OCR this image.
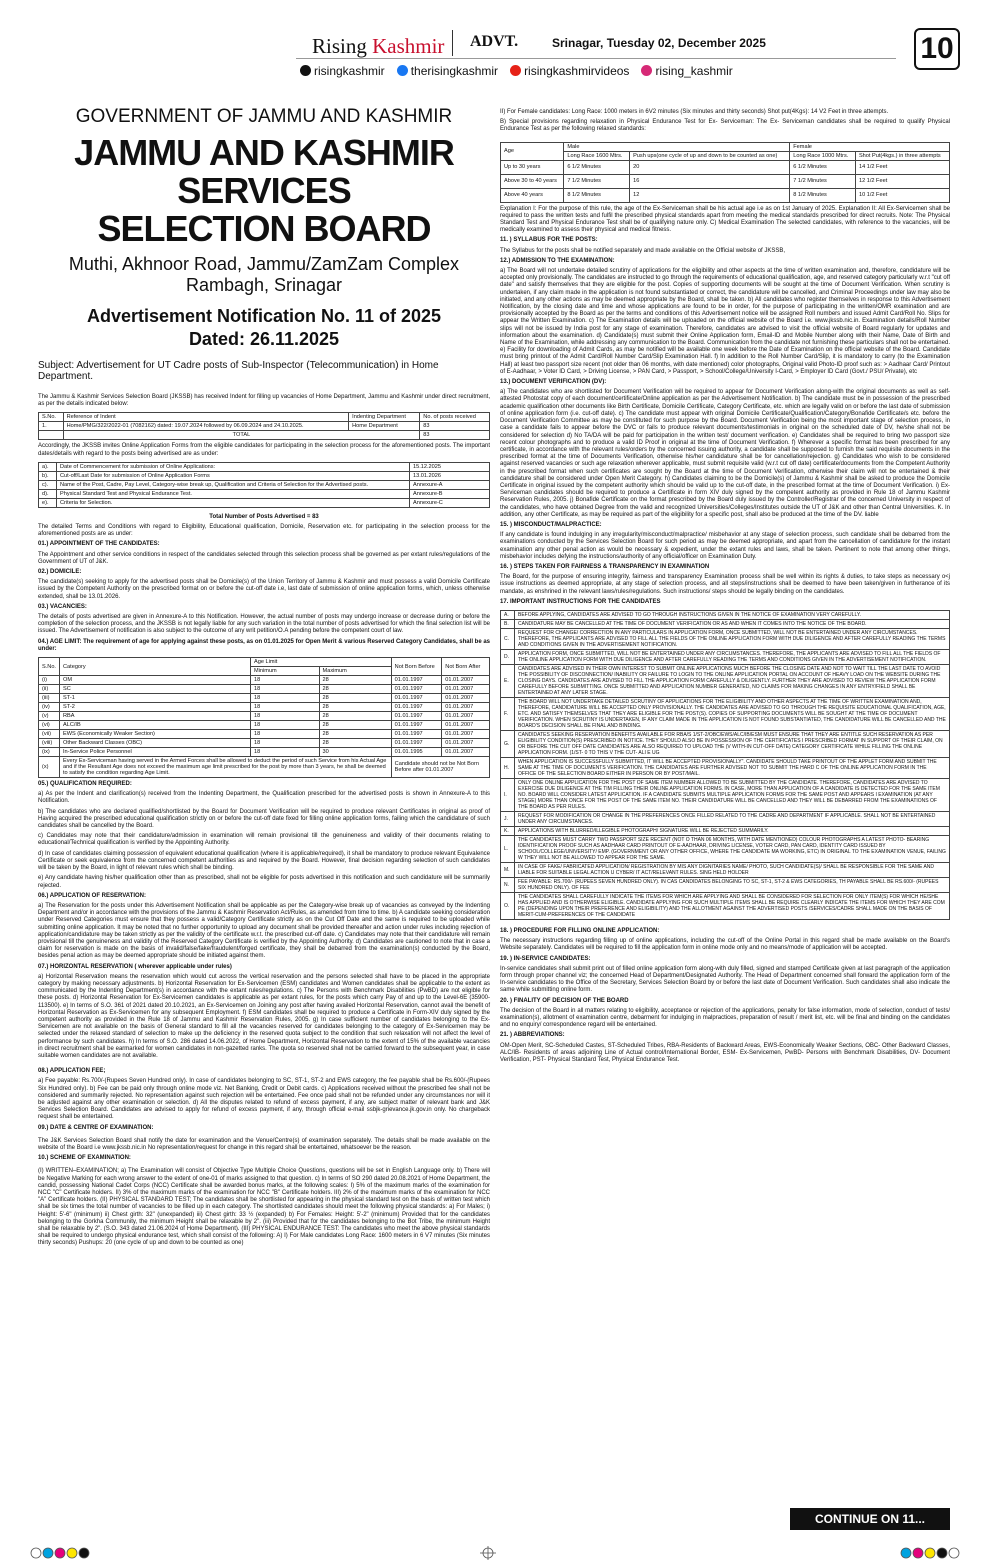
Rising Kashmir ADVT.	Srinagar, Tuesday 02, December 2025
risingkashmir	therisingkashmir	risingkashmirvideos	rising_kashmir
10
GOVERNMENT OF JAMMU AND KASHMIR
JAMMU AND KASHMIR SERVICES
SELECTION BOARD
Muthi, Akhnoor Road, Jammu/ZamZam Complex Rambagh, Srinagar
Advertisement Notification No. 11 of 2025
Dated: 26.11.2025
Subject: Advertisement for UT Cadre posts of Sub-Inspector (Telecommunication) in Home Department.
The Jammu & Kashmir Services Selection Board (JKSSB) has received Indent for filling up vacancies of Home Department, Jammu and Kashmir under direct recruitment, as per the details indicated below:
S.No.	Reference of Indent	Indenting Department	No. of posts received
1.	Home/PMG/322/2022-01 (7082162) dated: 19.07.2024 followed by 06.09.2024 and 24.10.2025.	Home Department	83
	TOTAL		83
Accordingly, the JKSSB invites Online Application Forms from the eligible candidates for participating in the selection process for the aforementioned posts. The important dates/details with regard to the posts being advertised are as under:
a).	Date of Commencement for submission of Online Applications:	15.12.2025
b).	Cut-off/Last Date for submission of Online Application Forms	13.01.2026
c).	Name of the Post, Cadre, Pay Level, Category-wise break up, Qualification and Criteria of Selection for the Advertised posts.	Annexure-A
d).	Physical Standard Test and Physical Endurance Test.	Annexure-B
e).	Criteria for Selection.	Annexure-C
Total Number of Posts Advertised = 83
The detailed Terms and Conditions with regard to Eligibility, Educational qualification, Domicile, Reservation etc. for participating in the selection process for the aforementioned posts are as under:
01.) APPOINTMENT OF THE CANDIDATES:
The Appointment and other service conditions in respect of the candidates selected through this selection process shall be governed as per extant rules/regulations of the Government of UT of J&K.
02.) DOMICILE:
The candidate(s) seeking to apply for the advertised posts shall be Domicile(s) of the Union Territory of Jammu & Kashmir and must possess a valid Domicile Certificate issued by the Competent Authority on the prescribed format on or before the cut-off date i.e, last date of submission of online application forms, which, unless otherwise extended, shall be 13.01.2026.
03.) VACANCIES:
The details of posts advertised are given in Annexure-A to this Notification. However, the actual number of posts may undergo increase or decrease during or before the completion of the selection process, and the JKSSB is not legally liable for any such variation in the total number of posts advertised for which the final selection list will be issued. The Advertisement of notification is also subject to the outcome of any writ petition/O.A pending before the competent court of law.
04.) AGE LIMIT: The requirement of age for applying against these posts, as on 01.01.2025 for Open Merit & various Reserved Category Candidates, shall be as under:
S.No.	Category	Age Limit		Not Born Before	Not Born After
		Minimum	Maximum		
(i)	OM	18	28	01.01.1997	01.01.2007
(ii)	SC	18	28	01.01.1997	01.01.2007
(iii)	ST-1	18	28	01.01.1997	01.01.2007
(iv)	ST-2	18	28	01.01.1997	01.01.2007
(v)	RBA	18	28	01.01.1997	01.01.2007
(vi)	ALC/IB	18	28	01.01.1997	01.01.2007
(vii)	EWS (Economically Weaker Section)	18	28	01.01.1997	01.01.2007
(viii)	Other Backward Classes (OBC)	18	28	01.01.1997	01.01.2007
(ix)	In-Service Police Personnel	18	30	01.01.1995	01.01.2007
(x)	Every Ex-Serviceman having served in the Armed Forces shall be allowed to deduct the period of such Service from his Actual Age and if the Resultant Age does not exceed the maximum age limit prescribed for the post by more than 3 years, he shall be deemed to satisfy the condition regarding Age Limit.			Candidate should not be Not Born Before after 01.01.2007	
05.) QUALIFICATION REQUIRED:
a) As per the Indent and clarification(s) received from the Indenting Department, the Qualification prescribed for the advertised posts is shown in Annexure-A to this Notification.
b) The candidates who are declared qualified/shortlisted by the Board for Document Verification will be required to produce relevant Certificates in original as proof of Having acquired the prescribed educational qualification strictly on or before the cut-off date fixed for filling online application forms, failing which the candidature of such candidates shall be cancelled by the Board.
c) Candidates may note that their candidature/admission in examination will remain provisional till the genuineness and validity of their documents relating to educational/Technical qualification is verified by the Appointing Authority.
d) In case of candidates claiming possession of equivalent educational qualification (where it is applicable/required), it shall be mandatory to produce relevant Equivalence Certificate or seek equivalence from the concerned competent authorities as and required by the Board. However, final decision regarding selection of such candidates will be taken by the Board, in light of relevant rules which shall be binding.
e) Any candidate having his/her qualification other than as prescribed, shall not be eligible for posts advertised in this notification and such candidature will be summarily rejected.
06.) APPLICATION OF RESERVATION:
a) The Reservation for the posts under this Advertisement Notification shall be applicable as per the Category-wise break up of vacancies as conveyed by the Indenting Department and/or in accordance with the provisions of the Jammu & Kashmir Reservation Act/Rules, as amended from time to time. b) A candidate seeking consideration under Reserved Categories must ensure that they possess a valid/Category Certificate strictly as on the Cut Off Date and the same is required to be uploaded while submitting online application. It may be noted that no further opportunity to upload any document shall be provided thereafter and action under rules including rejection of application/candidature may be taken strictly as per the validity of the certificate w.r.t. the prescribed cut-off date. c) Candidates may note that their candidature will remain provisional till the genuineness and validity of the Reserved Category Certificate is verified by the Appointing Authority. d) Candidates are cautioned to note that in case a claim for reservation is made on the basis of invalid/false/fake/fraudulent/forged certificate, they shall be debarred from the examination(s) conducted by the Board, besides penal action as may be deemed appropriate should be initiated against them.
07.) HORIZONTAL RESERVATION ( wherever applicable under rules)
a) Horizontal Reservation means the reservation which would cut across the vertical reservation and the persons selected shall have to be placed in the appropriate category by making necessary adjustments. b) Horizontal Reservation for Ex-Servicemen (ESM) candidates and Women candidates shall be applicable to the extent as communicated by the Indenting Department(s) in accordance with the extant rules/regulations. c) The Persons with Benchmark Disabilities (PwBD) are not eligible for these posts. d) Horizontal Reservation for Ex-Servicemen candidates is applicable as per extant rules, for the posts which carry Pay of and up to the Level-6E (35900-113500). e) In terms of S.O. 361 of 2021 dated 20.10.2021, an Ex-Servicemen on Joining any post after having availed Horizontal Reservation, cannot avail the benefit of Horizontal Reservation as Ex-Servicemen for any subsequent Employment. f) ESM candidates shall be required to produce a Certificate in Form-XIV duly signed by the competent authority as provided in the Rule 18 of Jammu and Kashmir Reservation Rules, 2005. g) In case sufficient number of candidates belonging to the Ex-Servicemen are not available on the basis of General standard to fill all the vacancies reserved for candidates belonging to the category of Ex-Servicemen may be selected under the relaxed standard of selection to make up the deficiency in the reserved quota subject to the condition that such relaxation will not affect the level of performance by such candidates. h) In terms of S.O. 286 dated 14.06.2022, of Home Department, Horizontal Reservation to the extent of 15% of the available vacancies in direct recruitment shall be earmarked for women candidates in non-gazetted ranks. The quota so reserved shall not be carried forward to the subsequent year, in case suitable women candidates are not available.
08.) APPLICATION FEE;
a) Fee payable: Rs.700/-(Rupees Seven Hundred only). In case of candidates belonging to SC, ST-1, ST-2 and EWS category, the fee payable shall be Rs.600/-(Rupees Six Hundred only). b) Fee can be paid only through online mode viz. Net Banking, Credit or Debit cards. c) Applications received without the prescribed fee shall not be considered and summarily rejected. No representation against such rejection will be entertained. Fee once paid shall not be refunded under any circumstances nor will it be adjusted against any other examination or selection. d) All the disputes related to refund of excess payment, if any, are subject matter of relevant bank and J&K Services Selection Board. Candidates are advised to apply for refund of excess payment, if any, through official e-mail ssbjk-grievance.jk.gov.in only. No chargeback request shall be entertained.
09.) DATE & CENTRE OF EXAMINATION:
The J&K Services Selection Board shall notify the date for examination and the Venue/Centre(s) of examination separately. The details shall be made available on the website of the Board i.e www.jkssb.nic.in No representation/request for change in this regard shall be entertained, whatsoever be the reason.
10.) SCHEME OF EXAMINATION:
(I) WRITTEN–EXAMINATION; a) The Examination will consist of Objective Type Multiple Choice Questions, questions will be set in English Language only. b) There will be Negative Marking for each wrong answer to the extent of one-01 of marks assigned to that question. c) In terms of SO 290 dated 20.08.2021 of Home Department, the candid, possessing National Cadet Corps (NCC) Certificate shall be awarded bonus marks, at the following scales: I) 5% of the maximum marks of the examination for NCC "C" Certificate holders. II) 3% of the maximum marks of the examination for NCC "B" Certificate holders. III) 2% of the maximum marks of the examination for NCC "A" Certificate holders. (II) PHYSICAL STANDARD TEST; The candidates shall be shortlisted for appearing in the physical standard test on the basis of written test which shall be six times the total number of vacancies to be filled up in each category. The shortlisted candidates should meet the following physical standards: a) For Males; i) Height: 5'-6" (minimum) ii) Chest girth: 32" (unexpanded) iii) Chest girth: 33 ½ (expanded) b) For Females: Height: 5'-2" (minimum) Provided that for the candidates belonging to the Gorkha Community, the minimum Height shall be relaxable by 2". (iii) Provided that for the candidates belonging to the Bot Tribe, the minimum Height shall be relaxable by 2". (S.O. 343 dated 21.06.2024 of Home Department). (III) PHYSICAL ENDURANCE TEST: The candidates who meet the above physical standards shall be required to undergo physical endurance test, which shall consist of the following: A) I) For Male candidates Long Race: 1600 meters in 6 V7 minutes (Six minutes thirty seconds) Pushups: 20 (one cycle of up and down to be counted as one)
II) For Female candidates: Long Race: 1000 meters in 6V2 minutes (Six minutes and thirty seconds) Shot put(4Kgs): 14 V2 Feet in three attempts.
B) Special provisions regarding relaxation in Physical Endurance Test for Ex- Serviceman: The Ex- Serviceman candidates shall be required to qualify Physical Endurance Test as per the following relaxed standards:
Age	Male		Female	
	Long Race 1600 Mtrs.	Push ups(one cycle of up and down to be counted as one)	Long Race 1000 Mtrs.	Shot Put(4kgs.) in three attempts
Up to 30 years	6 1/2 Minutes	20	6 1/2 Minutes	14 1/2 Feet
Above 30 to 40 years	7 1/2 Minutes	16	7 1/2 Minutes	12 1/2 Feet
Above 40 years	8 1/2 Minutes	12	8 1/2 Minutes	10 1/2 Feet
Explanation I: For the purpose of this rule, the age of the Ex-Serviceman shall be his actual age i.e as on 1st January of 2025. Explanation II: All Ex-Servicemen shall be required to pass the written tests and fulfil the prescribed physical standards apart from meeting the medical standards prescribed for direct recruits. Note: The Physical Standard Test and Physical Endurance Test shall be of qualifying nature only. C) Medical Examination The selected candidates, with reference to the vacancies, will be medically examined to assess their physical and medical fitness.
11. ) SYLLABUS FOR THE POSTS:
The Syllabus for the posts shall be notified separately and made available on the Official website of JKSSB,
12.) ADMISSION TO THE EXAMINATION:
a) The Board will not undertake detailed scrutiny of applications for the eligibility and other aspects at the time of written examination and, therefore, candidature will be accepted only provisionally. The candidates are instructed to go through the requirements of educational qualification, age, and reserved category particularly w.r.t "cut off date" and satisfy themselves that they are eligible for the post. Copies of supporting documents will be sought at the time of Document Verification. When scrutiny is undertaken, if any claim made in the application is not found substantiated or correct, the candidature will be cancelled, and Criminal Proceedings under law may also be initiated, and any other actions as may be deemed appropriate by the Board, shall be taken. b) All candidates who register themselves in response to this Advertisement Notification, by the closing date and time and whose applications are found to be in order, for the purpose of participating in the written/OMR examination and are provisionally accepted by the Board as per the terms and conditions of this Advertisement notice will be assigned Roll numbers and issued Admit Card/Roll No. Slips for appear the Written Examination. c) The Examination details will be uploaded on the official website of the Board i.e. www.jkssb.nic.in. Examination details/Roll Number slips will not be issued by India post for any stage of examination. Therefore, candidates are advised to visit the official website of Board regularly for updates and information about the examination. d) Candidate(s) must submit their Online Application form, Email-ID and Mobile Number along with their Name, Date of Birth and Name of the Examination, while addressing any communication to the Board. Communication from the candidate not furnishing these particulars shall not be entertained. e) Facility for downloading of Admit Cards, as may be notified will be available one week before the Date of Examination on the official website of the Board. Candidate must bring printout of the Admit Card/Roll Number Card/Slip Examination Hall. f) In addition to the Roll Number Card/Slip, it is mandatory to carry (to the Examination Hall) at least two passport size recent (not older than 06 months, with date mentioned) color photographs, Original valid Photo-ID proof such as: > Aadhaar Card/ Printout of E-Aadhaar, > Voter ID Card, > Driving License, > PAN Card, > Passport, > School/College/University I-Card, > Employer ID Card (Govt./ PSU/ Private), etc
13.) DOCUMENT VERIFICATION (DV):
a) The candidates who are shortlisted for Document Verification will be required to appear for Document Verification along-with the original documents as well as self-attested Photostat copy of each document/certificate/Online application as per the Advertisement Notification. b) The candidate must be in possession of the prescribed academic qualification other documents like Birth Certificate, Domicile Certificate, Category Certificate, etc. which are legally valid on or before the last date of submission of online application form (i.e. cut-off date). c) The candidate must appear with original Domicile Certificate/Qualification/Category/Bonafide Certificate/s etc. before the Document Verification Committee as may be constituted for such purpose by the Board. Document Verification being the most important stage of selection process, in case a candidate fails to appear before the DVC or fails to produce relevant documents/testimonials in original on the scheduled date of DV, he/she shall not be considered for selection d) No TA/DA will be paid for participation in the written test/ document verification. e) Candidates shall be required to bring two passport size recent colour photographs and to produce a valid ID Proof in original at the time of Document Verification. f) Wherever a specific format has been prescribed for any certificate, in accordance with the relevant rules/orders by the concerned issuing authority, a candidate shall be supposed to furnish the said requisite documents in the prescribed format at the time of Documents Verification, otherwise his/her candidature shall be for cancellation/rejection. g) Candidates who wish to be considered against reserved vacancies or such age relaxation wherever applicable, must submit requisite valid (w.r.t cut off date) certificate/documents from the Competent Authority in the prescribed format when such certificates are sought by the Board at the time of Document Verification, otherwise their claim will not be entertained & their candidature shall be considered under Open Merit Category. h) Candidates claiming to be the Domicile(s) of Jammu & Kashmir shall be asked to produce the Domicile Certificate in original issued by the competent authority which should be valid up to the cut-off date, in the prescribed format at the time of Document Verification. i) Ex-Serviceman candidates should be required to produce a Certificate in form XIV duly signed by the competent authority as provided in Rule 18 of Jammu Kashmir Reservation Rules, 2005. j) Bonafide Certificate on the format prescribed by the Board duly issued by the Controller/Registrar of the concerned University in respect of the candidates, who have obtained Degree from the valid and recognized Universities/Colleges/Institutes outside the UT of J&K and other than Central Universities. K. In addition, any other Certificate, as may be required as part of the eligibility for a specific post, shall also be produced at the time of the DV. liable
15. ) MISCONDUCT/MALPRACTICE:
If any candidate is found indulging in any irregularity/misconduct/malpractice/ misbehavior at any stage of selection process, such candidate shall be debarred from the examinations conducted by the Services Selection Board for such period as may be deemed appropriate, and apart from the cancellation of candidature for the instant examination any other penal action as would be necessary & expedient, under the extant rules and laws, shall be taken. Pertinent to note that among other things, misbehavior includes defying the instructions/authority of any official/officer on Examination Duty.
16. ) STEPS TAKEN FOR FAIRNESS & TRANSPARENCY IN EXAMINATION
The Board, for the purpose of ensuring integrity, fairness and transparency Examination process shall be well within its rights & duties, to take steps as necessary o<j issue instructions as deemed appropriate, at any stage of selection process, and all steps/instructions shall be deemed to have been taken/given in furtherance of its mandate, as enshrined in the relevant laws/rules/regulations. Such instructions/ steps should be legally binding on the candidates.
17. IMPORTANT INSTRUCTIONS FOR THE CANDIDATES
A.	BEFORE APPLYING, CANDIDATES ARE ADVISED TO GO THROUGH INSTRUCTIONS GIVEN IN THE NOTICE OF EXAMINATION VERY CAREFULLY.
B.	CANDIDATURE MAY BE CANCELLED AT THE TIME OF DOCUMENT VERIFICATION OR AS AND WHEN IT COMES INTO THE NOTICE OF THE BOARD.
C.	REQUEST FOR CHANGE/ CORRECTION IN ANY PARTICULARS IN APPLICATION FORM, ONCE SUBMITTED, WILL NOT BE ENTERTAINED UNDER ANY CIRCUMSTANCES. THEREFORE, THE APPLICANTS ARE ADVISED TO FILL ALL THE FIELDS OF THE ONLINE APPLICATION FORM WITH DUE DILIGENCE AND AFTER CAREFULLY READING THE TERMS AND CONDITIONS GIVEN IN THE ADVERTISEMENT NOTIFICATION.
D.	APPLICATION FORM, ONCE SUBMITTED, WILL NOT BE ENTERTAINED UNDER ANY CIRCUMSTANCES. THEREFORE, THE APPLICANTS ARE ADVISED TO FILL ALL THE FIELDS OF THE ONLINE APPLICATION FORM WITH DUE DILIGENCE AND AFTER CAREFULLY READING THE TERMS AND CONDITIONS GIVEN IN THE ADVERTISEMENT NOTIFICATION.
E.	CANDIDATES ARE ADVISED IN THEIR OWN INTEREST TO SUBMIT ONLINE APPLICATIONS MUCH BEFORE THE CLOSING DATE AND NOT TO WAIT TILL THE LAST DATE TO AVOID THE POSSIBILITY OF DISCONNECTION/ INABILITY OR FAILURE TO LOGIN TO THE ONLINE APPLICATION PORTAL ON ACCOUNT OF HEAVY LOAD ON THE WEBSITE DURING THE CLOSING DAYS. CANDIDATES ARE ADVISED TO FILL THE APPLICATION FORM CAREFULLY & DILIGENTLY. FURTHER THEY ARE ADVISED TO REVIEW THE APPLICATION FORM CAREFULLY BEFORE SUBMITTING. ONCE SUBMITTED AND APPLICATION NUMBER GENERATED, NO CLAIMS FOR MAKING CHANGES IN ANY ENTRY/FIELD SHALL BE ENTERTAINED AT ANY LATER STAGE.
F.	THE BOARD WILL NOT UNDERTAKE DETAILED SCRUTINY OF APPLICATIONS FOR THE ELIGIBILITY AND OTHER ASPECTS AT THE TIME OF WRITTEN EXAMINATION AND, THEREFORE, CANDIDATURE WILL BE ACCEPTED ONLY PROVISIONALLY. THE CANDIDATES ARE ADVISED TO GO THROUGH THE REQUISITE EDUCATIONAL QUALIFICATION, AGE, ETC. AND SATISFY THEMSELVES THAT THEY ARE ELIGIBLE FOR THE POST(S). COPIES OF SUPPORTING DOCUMENTS WILL BE SOUGHT AT THE TIME OF DOCUMENT VERIFICATION. WHEN SCRUTINY IS UNDERTAKEN, IF ANY CLAIM MADE IN THE APPLICATION IS NOT FOUND SUBSTANTIATED, THE CANDIDATURE WILL BE CANCELLED AND THE BOARD'S DECISION SHALL BE FINAL AND BINDING.
G.	CANDIDATES SEEKING RESERVATION BENEFITS AVAILABLE FOR RBA/S 1/ST-2/OBC/EWS/ALC/IB/ESM MUST ENSURE THAT THEY ARE ENTITLE SUCH RESERVATION AS PER ELIGIBILITY CONDITION(S) PRESCRIBED IN NOTICE. THEY SHOULD ALSO BE IN POSSESSION OF THE CERTIFICATES I PRESCRIBED FORMAT IN SUPPORT OF THEIR CLAIM, ON OR BEFORE THE CUT OFF DATE CANDIDATES ARE ALSO REQUIRED TO UPLOAD THE (V WITH-IN CUT-OFF DATE) CATEGORY CERTIFICATE WHILE FILLING THE ONLINE APPLICATION FORM. (1/ST- 0 TO THIS V THE CUT- ALI E UG
H.	WHEN APPLICATION IS SUCCESSFULLY SUBMITTED, IT WILL BE ACCEPTED PROVISIONALLY". CANDIDATE SHOULD TAKE PRINTOUT OF THE APPLET FORM AND SUBMIT THE SAME AT THE TIME OF DOCUMENTS VERIFICATION. THE CANDIDATES ARE FURTHER ADVISED NOT TO SUBMIT THE HARD C OF THE ONLINE APPLICATION FORM IN THE OFFICE OF THE SELECTION BOARD EITHER IN PERSON OR BY POST/MAIL.
I.	ONLY ONE ONLINE APPLICATION FOR THE POST OF SAME ITEM NUMBER ALLOWED TO BE SUBMITTED BY THE CANDIDATE. THEREFORE, CANDIDATES ARE ADVISED TO EXERCISE DUE DILIGENCE AT THE TIM FILLING THEIR ONLINE APPLICATION FORMS. IN CASE, MORE THAN APPLICATION OF A CANDIDATE IS DETECTED FOR THE SAME ITEM NO. BOARD WILL CONSIDER LATEST APPLICATION. IF A CANDIDATE SUBMITS MULTIPLE APPLICATION FORMS FOR THE SAME POST AND APPEARS I EXAMINATION (AT ANY STAGE) MORE THAN ONCE FOR THE POST OF THE SAME ITEM NO. THEIR CANDIDATURE WILL BE CANCELLED AND THEY WILL BE DEBARRED FROM THE EXAMINATIONS OF THE BOARD AS PER RULES.
J.	REQUEST FOR MODIFICATION OR CHANGE IN THE PREFERENCES ONCE FILLED RELATED TO THE CADRE AND DEPARTMENT IF APPLICABLE. SHALL NOT BE ENTERTAINED UNDER ANY CIRCUMSTANCES.
K.	APPLICATIONS WITH BLURRED/ILLEGIBLE PHOTOGRAPH/ SIGNATURE WILL BE REJECTED SUMMARILY.
L.	THE CANDIDATES MUST CARRY TWO PASSPORT SIZE RECENT (NOT O THAN 06 MONTHS, WITH DATE MENTIONED) COLOUR PHOTOGRAPHS A LATEST PHOTO- BEARING IDENTIFICATION PROOF SUCH AS AADHAAR CARD PRINTOUT OF E-AADHAAR, DRIVING LICENSE, VOTER CARD, PAN CARD, IDENTITY CARD ISSUED BY SCHOOL/COLLEGE/UNIVERSITY/ EMP. (GOVERNMENT OR ANY OTHER OFFICE, WHERE THE CANDIDATE MA WORKING, ETC) IN ORIGINAL TO THE EXAMINATION VENUE, FAILING W THEY WILL NOT BE ALLOWED TO APPEAR FOR THE SAME.
M.	IN CASE OF FAKE/ FABRICATED APPLICATION/ REGISTRATION BY MIS ANY DIGNITARIES NAME/ PHOTO, SUCH CANDIDATE(S)/ SHALL BE RESPONSIBLE FOR THE SAME AND LIABLE FOR SUITABLE LEGAL ACTION U CYBER/ IT ACT/RELEVANT RULES. SING HELD HOLDER
N.	FEE PAYABLE: RS.700/- (RUPEES SEVEN HUNDRED ONLY). IN CAS CANDIDATES BELONGING TO SC, ST-1, ST-2 & EWS CATEGORIES, TH PAYABLE SHALL BE RS.600/- (RUPEES SIX HUNDRED ONLY). OF FEE
O.	THE CANDIDATES SHALL CAREFULLY INDICATE THE ITEMS FOR WHICH ARE APPLYING AND SHALL BE CONSIDERED FOR SELECTION FOR ONLY ITEM(S) FOR WHICH HE/SHE HAS APPLIED AND IS OTHERWISE ELIGIBLE. CANDIDATE APPLYING FOR SUCH MULTIPLE ITEMS SHALL BE REQUIRE CLEARLY INDICATE THE ITEMS FOR WHICH THEY ARE COM PE (DEPENDING UPON THEIR PREFERENCE AND ELIGIBILITY) AND THE ALLOTMENT AGAINST THE ADVERTISED POSTS /SERVICES/CADRE SHALL MADE ON THE BASIS OF MERIT-CUM-PREFERENCES OF THE CANDIDATE
18. ) PROCEDURE FOR FILLING ONLINE APPLICATION:
The necessary instructions regarding filling up of online applications, including the cut-off of the Online Portal in this regard shall be made available on the Board's Website separately. Candidates will be required to fill the application form in online mode only and no means/mode of application will be accepted.
19. ) IN-SERVICE CANDIDATES:
In-service candidates shall submit print out of filled online application form along-with duly filled, signed and stamped Certificate given at last paragraph of the application form through proper channel viz; the concerned Head of Department/Designated Authority. The Head of Department concerned shall forward the application form of the In-service candidates to the Office of the Secretary, Services Selection Board by or before the last date of Document Verification. Such candidates shall also indicate the same while submitting online form.
20. ) FINALITY OF DECISION OF THE BOARD
The decision of the Board in all matters relating to eligibility, acceptance or rejection of the applications, penalty for false information, mode of selection, conduct of tests/ examination(s), allotment of examination centre, debarment for indulging in malpractices, preparation of result / merit list, etc. will be final and binding on the candidates and no enquiry/ correspondence regard will be entertained.
21. ) ABBREVIATIONS:
OM-Open Merit, SC-Scheduled Castes, ST-Scheduled Tribes, RBA-Residents of Backward Areas, EWS-Economically Weaker Sections, OBC- Other Backward Classes, ALC/IB- Residents of areas adjoining Line of Actual control/International Border, ESM- Ex-Servicemen, PwBD- Persons with Benchmark Disabilities, DV- Document Verification, PST- Physical Standard Test, Physical Endurance Test.
CONTINUE ON 11...
